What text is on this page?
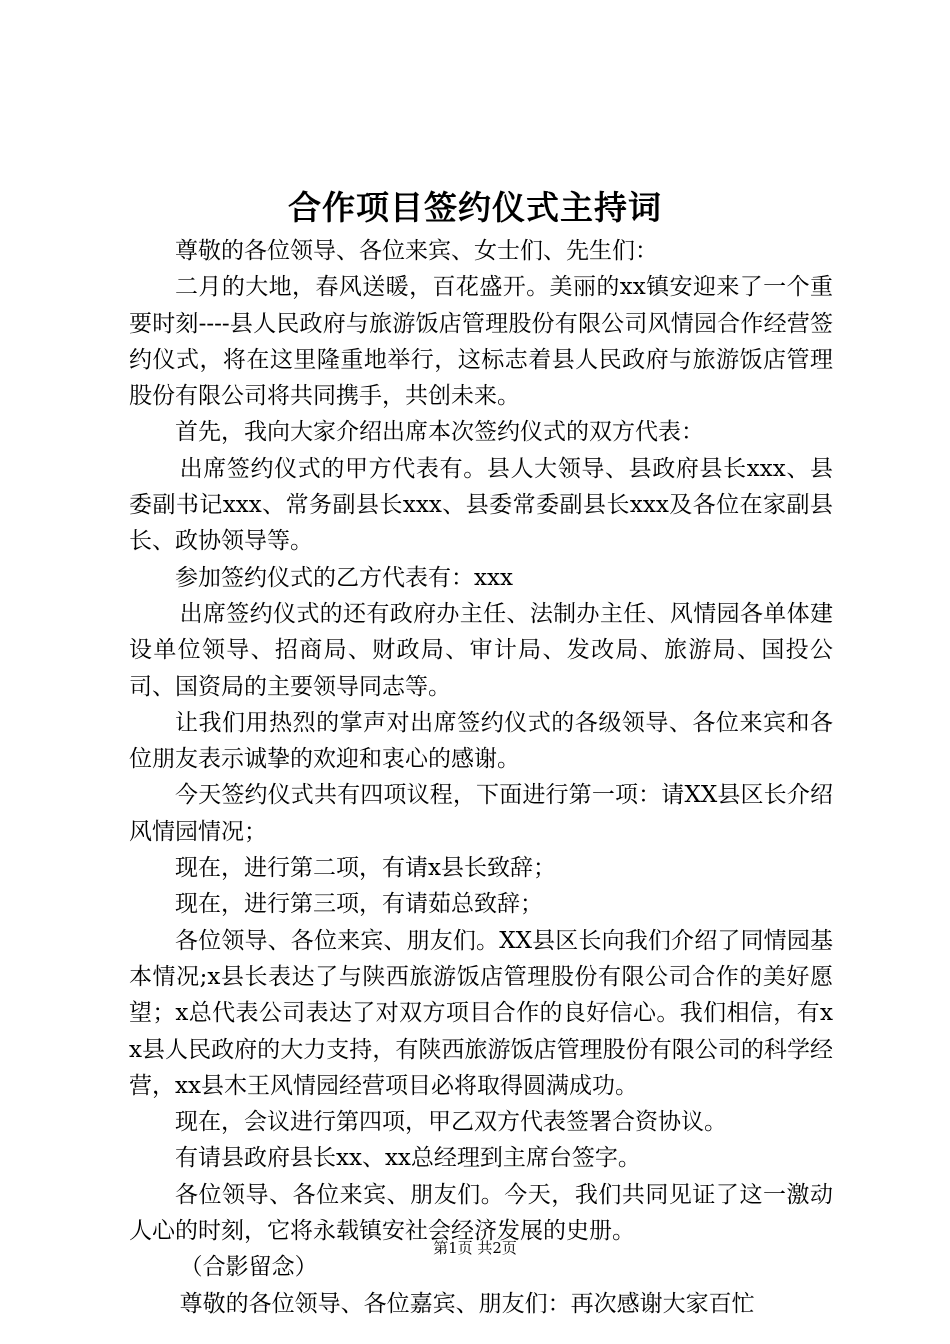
合作项目签约仪式主持词

尊敬的各位领导、各位来宾、女士们、先生们：

二月的大地，春风送暖，百花盛开。美丽的xx镇安迎来了一个重要时刻----县人民政府与旅游饭店管理股份有限公司风情园合作经营签约仪式，将在这里隆重地举行，这标志着县人民政府与旅游饭店管理股份有限公司将共同携手，共创未来。

首先，我向大家介绍出席本次签约仪式的双方代表：

出席签约仪式的甲方代表有。县人大领导、县政府县长xxx、县委副书记xxx、常务副县长xxx、县委常委副县长xxx及各位在家副县长、政协领导等。

参加签约仪式的乙方代表有：xxx

出席签约仪式的还有政府办主任、法制办主任、风情园各单体建设单位领导、招商局、财政局、审计局、发改局、旅游局、国投公司、国资局的主要领导同志等。

让我们用热烈的掌声对出席签约仪式的各级领导、各位来宾和各位朋友表示诚挚的欢迎和衷心的感谢。

今天签约仪式共有四项议程，下面进行第一项：请XX县区长介绍风情园情况；

现在，进行第二项，有请x县长致辞；

现在，进行第三项，有请茹总致辞；

各位领导、各位来宾、朋友们。XX县区长向我们介绍了同情园基本情况;x县长表达了与陕西旅游饭店管理股份有限公司合作的美好愿望；x总代表公司表达了对双方项目合作的良好信心。我们相信，有xx县人民政府的大力支持，有陕西旅游饭店管理股份有限公司的科学经营，xx县木王风情园经营项目必将取得圆满成功。

现在，会议进行第四项，甲乙双方代表签署合资协议。

有请县政府县长xx、xx总经理到主席台签字。

各位领导、各位来宾、朋友们。今天，我们共同见证了这一激动人心的时刻，它将永载镇安社会经济发展的史册。

（合影留念）

尊敬的各位领导、各位嘉宾、朋友们：再次感谢大家百忙

第1页 共2页
